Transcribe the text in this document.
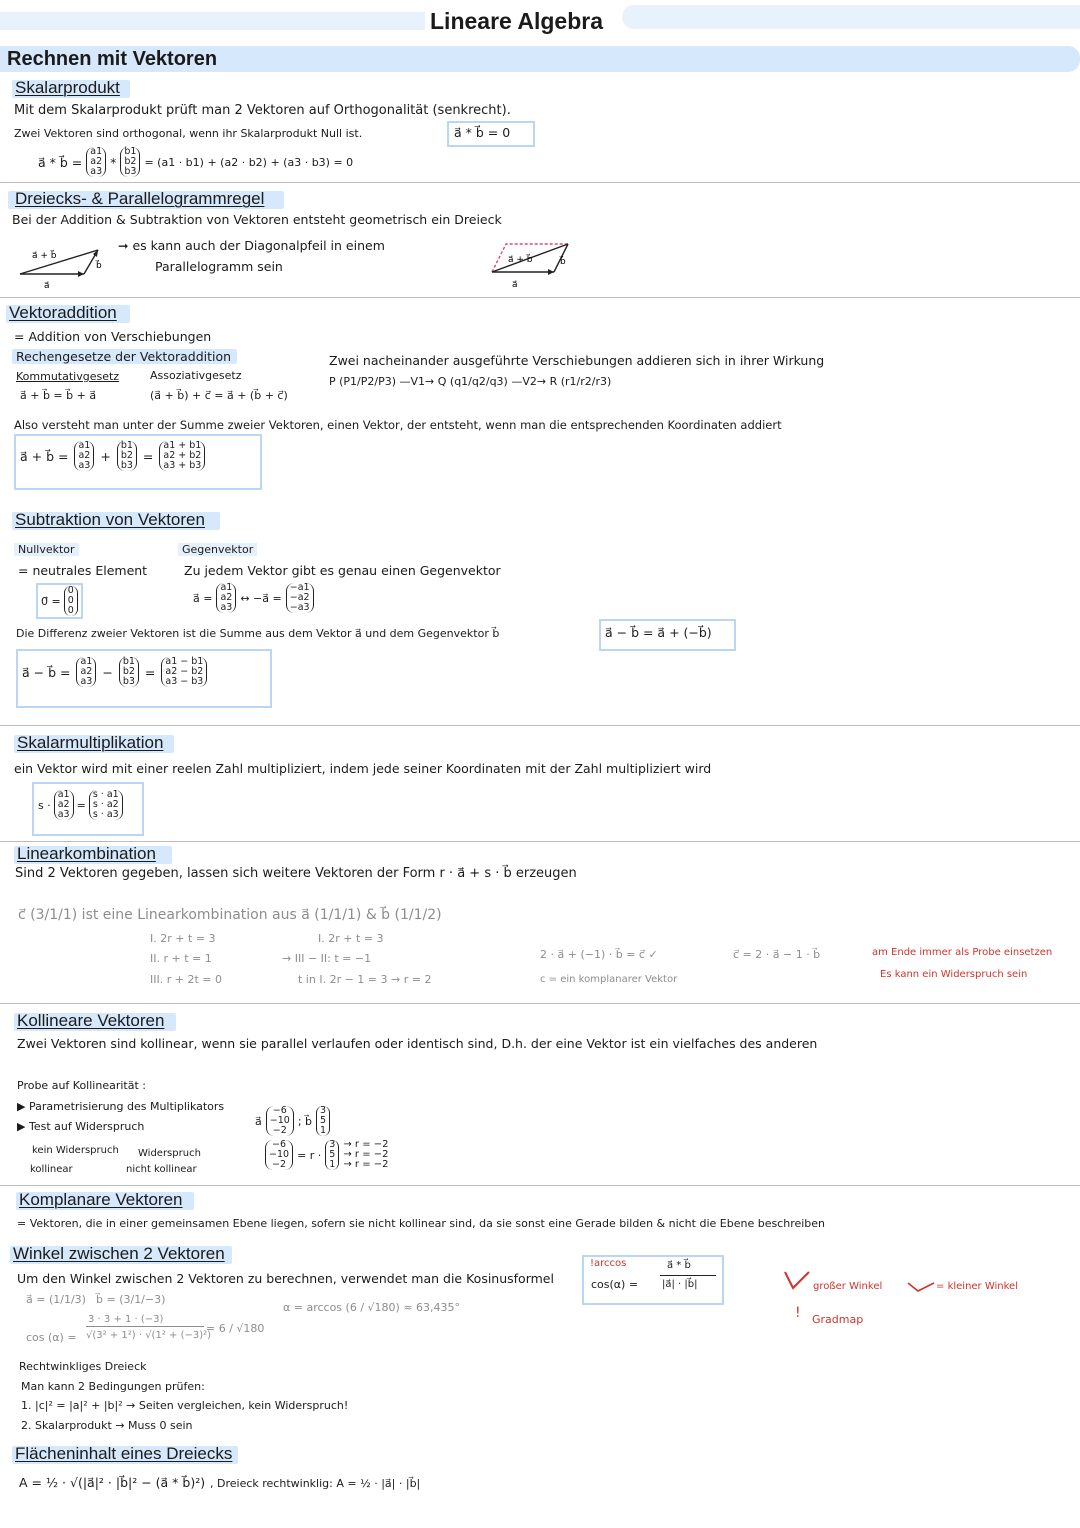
Lineare Algebra
Rechnen mit Vektoren
Skalarprodukt
Mit dem Skalarprodukt prüft man 2 Vektoren auf Orthogonalität (senkrecht).
Zwei Vektoren sind orthogonal, wenn ihr Skalarprodukt Null ist.	a⃗ * b⃗ = 0
a⃗ * b⃗ =
a1
a2
a3
*
b1
b2
b3
= (a1 · b1) + (a2 · b2) + (a3 · b3) = 0
Dreiecks- & Parallelogrammregel
Bei der Addition & Subtraktion von Vektoren entsteht geometrisch ein Dreieck
➞ es kann auch der Diagonalpfeil in einem
Parallelogramm sein
a⃗ + b⃗
a⃗
b⃗
a⃗ + b⃗
a⃗
b⃗
Vektoraddition
= Addition von Verschiebungen
Rechengesetze der Vektoraddition
Kommutativgesetz
a⃗ + b⃗ = b⃗ + a⃗
Assoziativgesetz
(a⃗ + b⃗) + c⃗ = a⃗ + (b⃗ + c⃗)
Zwei nacheinander ausgeführte Verschiebungen addieren sich in ihrer Wirkung
P (P1/P2/P3) —V1→ Q (q1/q2/q3) —V2→ R (r1/r2/r3)
Also versteht man unter der Summe zweier Vektoren, einen Vektor, der entsteht, wenn man die entsprechenden Koordinaten addiert
a⃗ + b⃗ =
a1
a2
a3
+
b1
b2
b3
=
a1 + b1
a2 + b2
a3 + b3
Subtraktion von Vektoren
Nullvektor
= neutrales Element
0⃗ =
0
0
0
Gegenvektor
Zu jedem Vektor gibt es genau einen Gegenvektor
a⃗ =
a1
a2
a3
↔ −a⃗ =
−a1
−a2
−a3
Die Differenz zweier Vektoren ist die Summe aus dem Vektor a⃗ und dem Gegenvektor b⃗	a⃗ − b⃗ = a⃗ + (−b⃗)
a⃗ − b⃗ =
a1
a2
a3
−
b1
b2
b3
=
a1 − b1
a2 − b2
a3 − b3
Skalarmultiplikation
ein Vektor wird mit einer reelen Zahl multipliziert, indem jede seiner Koordinaten mit der Zahl multipliziert wird
s ·
a1
a2
a3
=
s · a1
s · a2
s · a3
Linearkombination
Sind 2 Vektoren gegeben, lassen sich weitere Vektoren der Form r · a⃗ + s · b⃗ erzeugen
c⃗ (3/1/1) ist eine Linearkombination aus a⃗ (1/1/1) & b⃗ (1/1/2)
I. 2r + t = 3
II. r + t = 1
III. r + 2t = 0
I. 2r + t = 3
→ III − II: t = −1
t in I. 2r − 1 = 3 → r = 2
2 · a⃗ + (−1) · b⃗ = c⃗ ✓
c = ein komplanarer Vektor
c⃗ = 2 · a⃗ − 1 · b⃗	am Ende immer als Probe einsetzen
Es kann ein Widerspruch sein
Kollineare Vektoren
Zwei Vektoren sind kollinear, wenn sie parallel verlaufen oder identisch sind, D.h. der eine Vektor ist ein vielfaches des anderen
Probe auf Kollinearität :
▶ Parametrisierung des Multiplikators
▶ Test auf Widerspruch
kein Widerspruch
kollinear
Widerspruch
nicht kollinear
a⃗
−6
−10
−2
; b⃗
3
5
1
−6
−10
−2
= r ·
3
5
1
→ r = −2
→ r = −2
→ r = −2
Komplanare Vektoren
= Vektoren, die in einer gemeinsamen Ebene liegen, sofern sie nicht kollinear sind, da sie sonst eine Gerade bilden & nicht die Ebene beschreiben
Winkel zwischen 2 Vektoren
Um den Winkel zwischen 2 Vektoren zu berechnen, verwendet man die Kosinusformel
a⃗ = (1/1/3) b⃗ = (3/1/−3)
cos (α) =
3 · 3 + 1 · (−3)
√(3² + 1²) · √(1² + (−3)²)
= 6 / √180
α = arccos (6 / √180) ≈ 63,435°
!arccos
cos(α) =
a⃗ * b⃗
|a⃗| · |b⃗|	großer Winkel	= kleiner Winkel
! Gradmap
Rechtwinkliges Dreieck
Man kann 2 Bedingungen prüfen:
1. |c|² = |a|² + |b|² → Seiten vergleichen, kein Widerspruch!
2. Skalarprodukt → Muss 0 sein
Flächeninhalt eines Dreiecks
A = ½ · √(|a⃗|² · |b⃗|² − (a⃗ * b⃗)²) , Dreieck rechtwinklig: A = ½ · |a⃗| · |b⃗|
